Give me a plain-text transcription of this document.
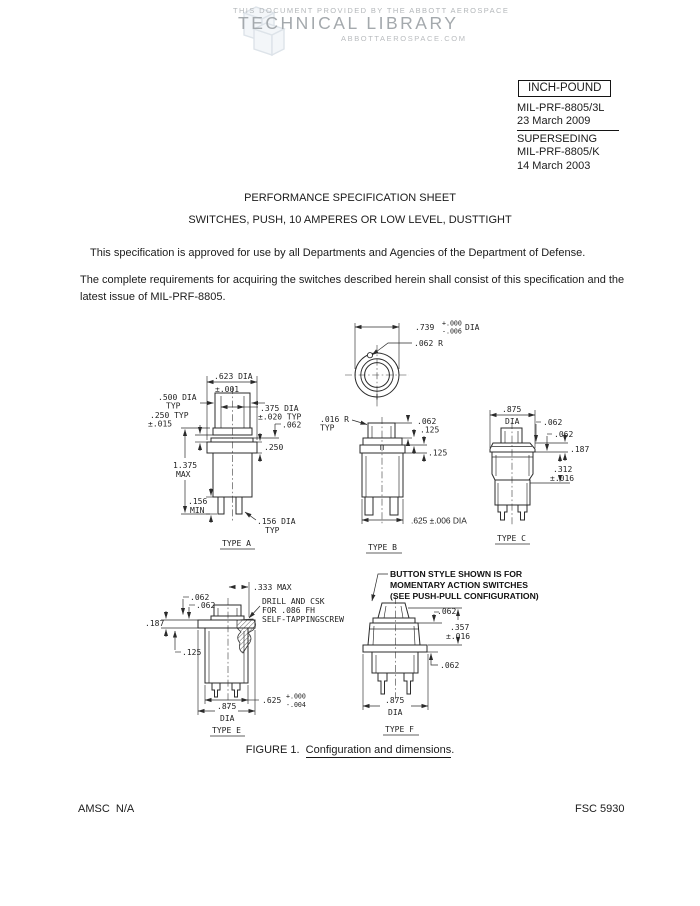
THIS DOCUMENT PROVIDED BY THE ABBOTT AEROSPACE
TECHNICAL LIBRARY
ABBOTTAEROSPACE.COM
INCH-POUND
MIL-PRF-8805/3L
23 March 2009
SUPERSEDING
MIL-PRF-8805/K
14 March 2003
PERFORMANCE SPECIFICATION SHEET
SWITCHES, PUSH, 10 AMPERES OR LOW LEVEL, DUSTTIGHT
This specification is approved for use by all Departments and Agencies of the Department of Defense.
The complete requirements for acquiring the switches described herein shall consist of this specification and the latest issue of MIL-PRF-8805.
.739 +.000
-.006 DIA
.062 R
.623 DIA
±.001
.500 DIA
TYP
.250 TYP
±.015
.375 DIA
±.020 TYP
.062
.250
1.375
MAX
.156
MIN
.156 DIA
TYP
TYPE A
.016 R
TYP
.062
.125
.125
.625 ±.006 DIA
TYPE B
.875
DIA	.062
.062
.187
.312
±.016
TYPE C
.333 MAX
.062
.062
.187
.125
DRILL AND CSK
FOR .086 FH
SELF-TAPPINGSCREW
.625 +.000
-.004
.875
DIA
TYPE E
BUTTON STYLE SHOWN IS FOR
MOMENTARY ACTION SWITCHES
(SEE PUSH-PULL CONFIGURATION)
.062
.357
±.016
.062
.875
DIA
TYPE F
FIGURE 1. Configuration and dimensions.
AMSC  N/A	FSC 5930
